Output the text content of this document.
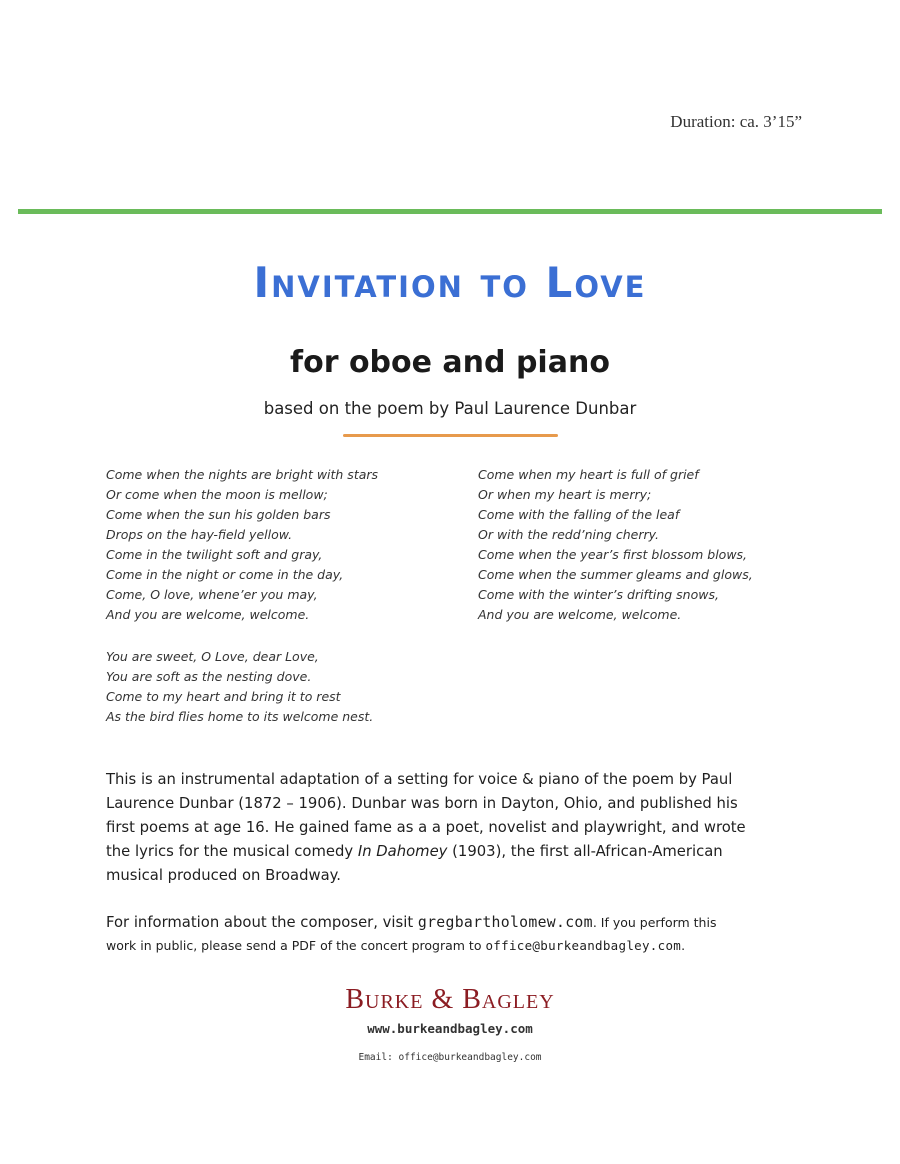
Duration: ca. 3’15”
Invitation to Love
for oboe and piano
based on the poem by Paul Laurence Dunbar
Come when the nights are bright with stars
Or come when the moon is mellow;
Come when the sun his golden bars
Drops on the hay-field yellow.
Come in the twilight soft and gray,
Come in the night or come in the day,
Come, O love, whene’er you may,
And you are welcome, welcome.
Come when my heart is full of grief
Or when my heart is merry;
Come with the falling of the leaf
Or with the redd’ning cherry.
Come when the year’s first blossom blows,
Come when the summer gleams and glows,
Come with the winter’s drifting snows,
And you are welcome, welcome.
You are sweet, O Love, dear Love,
You are soft as the nesting dove.
Come to my heart and bring it to rest
As the bird flies home to its welcome nest.
This is an instrumental adaptation of a setting for voice & piano of the poem by Paul
Laurence Dunbar (1872 – 1906). Dunbar was born in Dayton, Ohio, and published his
first poems at age 16. He gained fame as a a poet, novelist and playwright, and wrote
the lyrics for the musical comedy In Dahomey (1903), the first all-African-American
musical produced on Broadway.
For information about the composer, visit gregbartholomew.com. If you perform this
work in public, please send a PDF of the concert program to office@burkeandbagley.com.
Burke & Bagley
www.burkeandbagley.com
Email: office@burkeandbagley.com
